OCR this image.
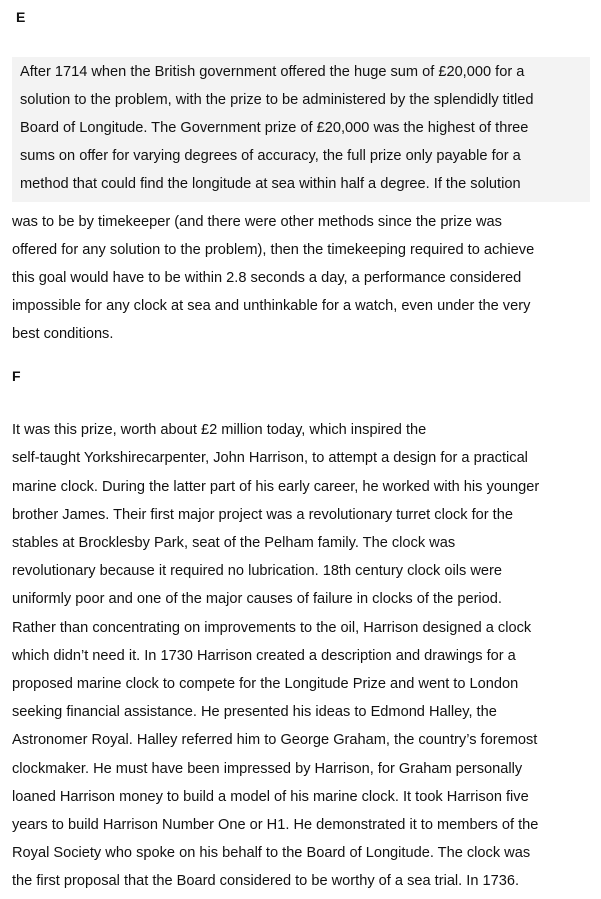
E
After 1714 when the British government offered the huge sum of £20,000 for a
solution to the problem, with the prize to be administered by the splendidly titled
Board of Longitude. The Government prize of £20,000 was the highest of three
sums on offer for varying degrees of accuracy, the full prize only payable for a
method that could find the longitude at sea within half a degree. If the solution
was to be by timekeeper (and there were other methods since the prize was
offered for any solution to the problem), then the timekeeping required to achieve
this goal would have to be within 2.8 seconds a day, a performance considered
impossible for any clock at sea and unthinkable for a watch, even under the very
best conditions.
F
It was this prize, worth about £2 million today, which inspired the
self-taught Yorkshirecarpenter, John Harrison, to attempt a design for a practical
marine clock. During the latter part of his early career, he worked with his younger
brother James. Their first major project was a revolutionary turret clock for the
stables at Brocklesby Park, seat of the Pelham family. The clock was
revolutionary because it required no lubrication. 18th century clock oils were
uniformly poor and one of the major causes of failure in clocks of the period.
Rather than concentrating on improvements to the oil, Harrison designed a clock
which didn’t need it. In 1730 Harrison created a description and drawings for a
proposed marine clock to compete for the Longitude Prize and went to London
seeking financial assistance. He presented his ideas to Edmond Halley, the
Astronomer Royal. Halley referred him to George Graham, the country’s foremost
clockmaker. He must have been impressed by Harrison, for Graham personally
loaned Harrison money to build a model of his marine clock. It took Harrison five
years to build Harrison Number One or H1. He demonstrated it to members of the
Royal Society who spoke on his behalf to the Board of Longitude. The clock was
the first proposal that the Board considered to be worthy of a sea trial. In 1736.
